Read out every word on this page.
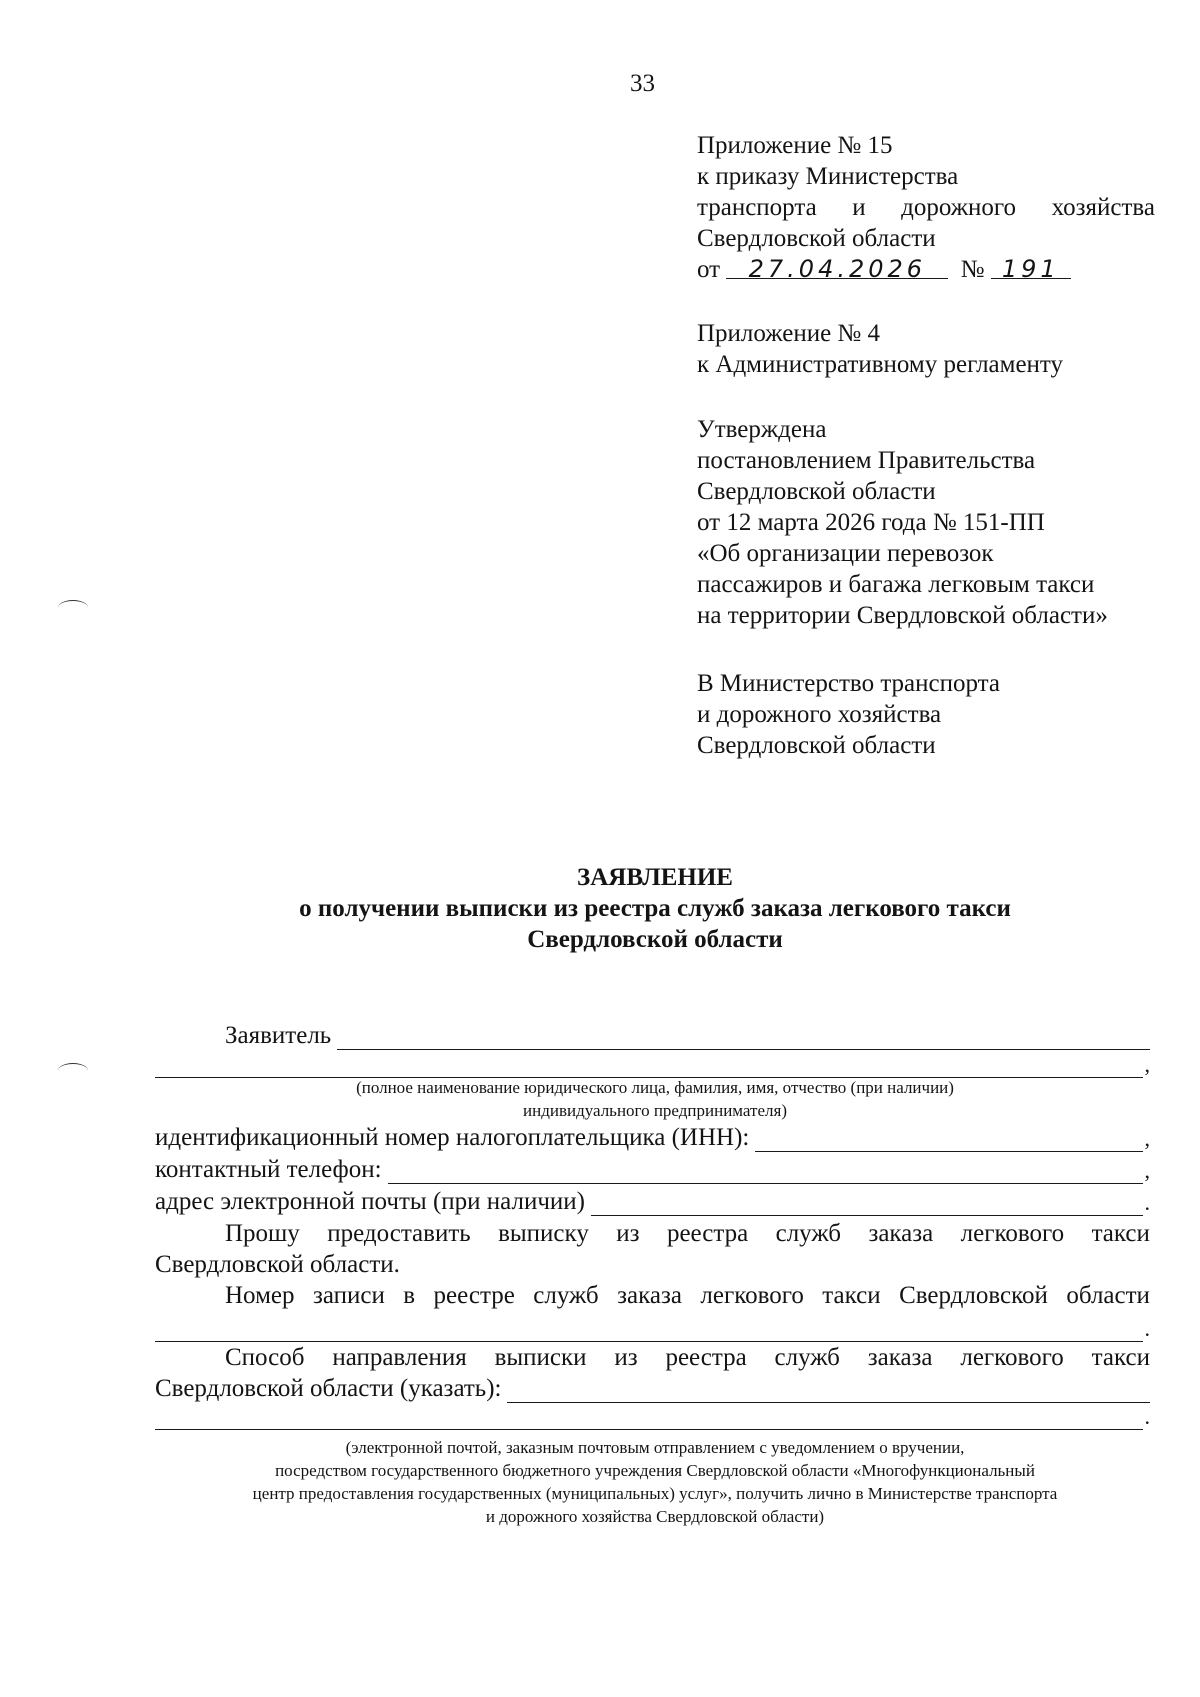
33
Приложение № 15
к приказу Министерства
транспорта и дорожного хозяйства
Свердловской области
от 27.04.2026 № 191
Приложение № 4
к Административному регламенту
Утверждена
постановлением Правительства
Свердловской области
от 12 марта 2026 года № 151-ПП
«Об организации перевозок
пассажиров и багажа легковым такси
на территории Свердловской области»
В Министерство транспорта
и дорожного хозяйства
Свердловской области
ЗАЯВЛЕНИЕ
о получении выписки из реестра служб заказа легкового такси
Свердловской области
Заявитель
,
(полное наименование юридического лица, фамилия, имя, отчество (при наличии)
индивидуального предпринимателя)
идентификационный номер налогоплательщика (ИНН):	,
контактный телефон:	,
адрес электронной почты (при наличии)	.
Прошу предоставить выписку из реестра служб заказа легкового такси
Свердловской области.
Номер записи в реестре служб заказа легкового такси Свердловской области
.
Способ направления выписки из реестра служб заказа легкового такси
Свердловской области (указать):
.
(электронной почтой, заказным почтовым отправлением с уведомлением о вручении,
посредством государственного бюджетного учреждения Свердловской области «Многофункциональный
центр предоставления государственных (муниципальных) услуг», получить лично в Министерстве транспорта
и дорожного хозяйства Свердловской области)
